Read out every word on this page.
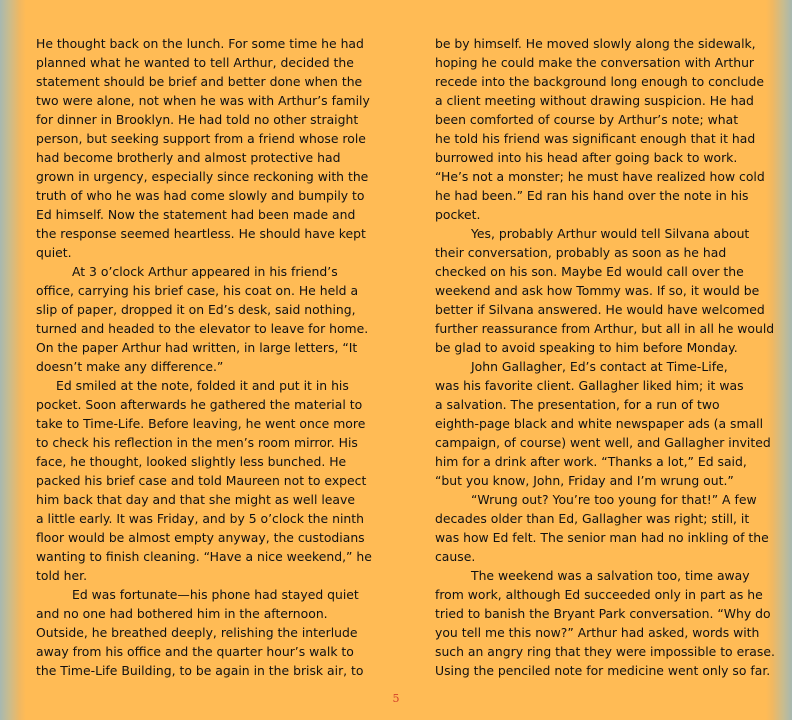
He thought back on the lunch. For some time he had
planned what he wanted to tell Arthur, decided the
statement should be brief and better done when the
two were alone, not when he was with Arthur’s family
for dinner in Brooklyn. He had told no other straight
person, but seeking support from a friend whose role
had become brotherly and almost protective had
grown in urgency, especially since reckoning with the
truth of who he was had come slowly and bumpily to
Ed himself. Now the statement had been made and
the response seemed heartless. He should have kept
quiet.
At 3 o’clock Arthur appeared in his friend’s
office, carrying his brief case, his coat on. He held a
slip of paper, dropped it on Ed’s desk, said nothing,
turned and headed to the elevator to leave for home.
On the paper Arthur had written, in large letters, “It
doesn’t make any difference.”
Ed smiled at the note, folded it and put it in his
pocket. Soon afterwards he gathered the material to
take to Time-Life. Before leaving, he went once more
to check his reflection in the men’s room mirror. His
face, he thought, looked slightly less bunched. He
packed his brief case and told Maureen not to expect
him back that day and that she might as well leave
a little early. It was Friday, and by 5 o’clock the ninth
floor would be almost empty anyway, the custodians
wanting to finish cleaning. “Have a nice weekend,” he
told her.
Ed was fortunate—his phone had stayed quiet
and no one had bothered him in the afternoon.
Outside, he breathed deeply, relishing the interlude
away from his office and the quarter hour’s walk to
the Time-Life Building, to be again in the brisk air, to
be by himself. He moved slowly along the sidewalk,
hoping he could make the conversation with Arthur
recede into the background long enough to conclude
a client meeting without drawing suspicion. He had
been comforted of course by Arthur’s note; what
he told his friend was significant enough that it had
burrowed into his head after going back to work.
“He’s not a monster; he must have realized how cold
he had been.” Ed ran his hand over the note in his
pocket.
Yes, probably Arthur would tell Silvana about
their conversation, probably as soon as he had
checked on his son. Maybe Ed would call over the
weekend and ask how Tommy was. If so, it would be
better if Silvana answered. He would have welcomed
further reassurance from Arthur, but all in all he would
be glad to avoid speaking to him before Monday.
John Gallagher, Ed’s contact at Time-Life,
was his favorite client. Gallagher liked him; it was
a salvation. The presentation, for a run of two
eighth-page black and white newspaper ads (a small
campaign, of course) went well, and Gallagher invited
him for a drink after work. “Thanks a lot,” Ed said,
“but you know, John, Friday and I’m wrung out.”
“Wrung out? You’re too young for that!” A few
decades older than Ed, Gallagher was right; still, it
was how Ed felt. The senior man had no inkling of the
cause.
The weekend was a salvation too, time away
from work, although Ed succeeded only in part as he
tried to banish the Bryant Park conversation. “Why do
you tell me this now?” Arthur had asked, words with
such an angry ring that they were impossible to erase.
Using the penciled note for medicine went only so far.
5
